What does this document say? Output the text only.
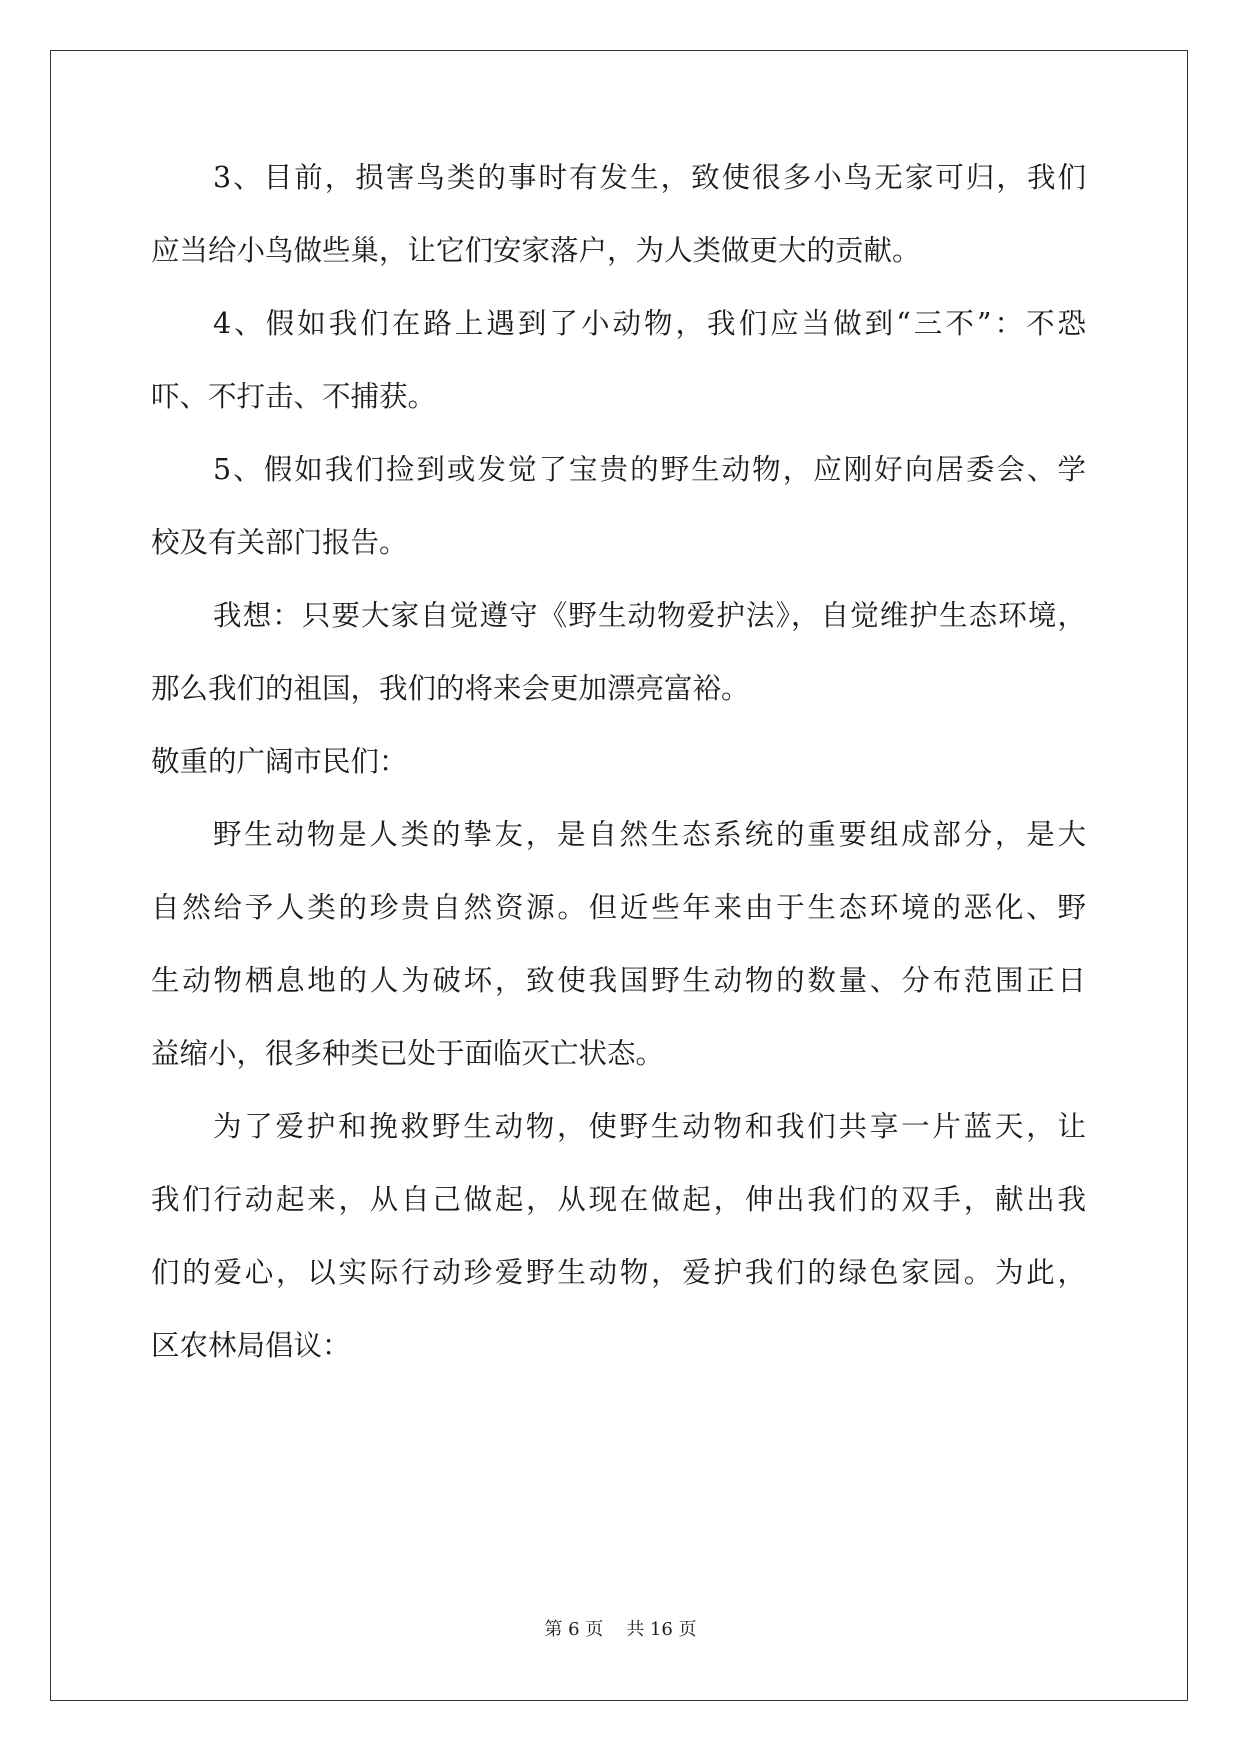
3、目前，损害鸟类的事时有发生，致使很多小鸟无家可归，我们
应当给小鸟做些巢，让它们安家落户，为人类做更大的贡献。
4、假如我们在路上遇到了小动物，我们应当做到“三不”：不恐
吓、不打击、不捕获。
5、假如我们捡到或发觉了宝贵的野生动物，应刚好向居委会、学
校及有关部门报告。
我想：只要大家自觉遵守《野生动物爱护法》，自觉维护生态环境，
那么我们的祖国，我们的将来会更加漂亮富裕。
敬重的广阔市民们：
野生动物是人类的挚友，是自然生态系统的重要组成部分，是大
自然给予人类的珍贵自然资源。但近些年来由于生态环境的恶化、野
生动物栖息地的人为破坏，致使我国野生动物的数量、分布范围正日
益缩小，很多种类已处于面临灭亡状态。
为了爱护和挽救野生动物，使野生动物和我们共享一片蓝天，让
我们行动起来，从自己做起，从现在做起，伸出我们的双手，献出我
们的爱心，以实际行动珍爱野生动物，爱护我们的绿色家园。为此，
区农林局倡议：
第 6 页    共 16 页
